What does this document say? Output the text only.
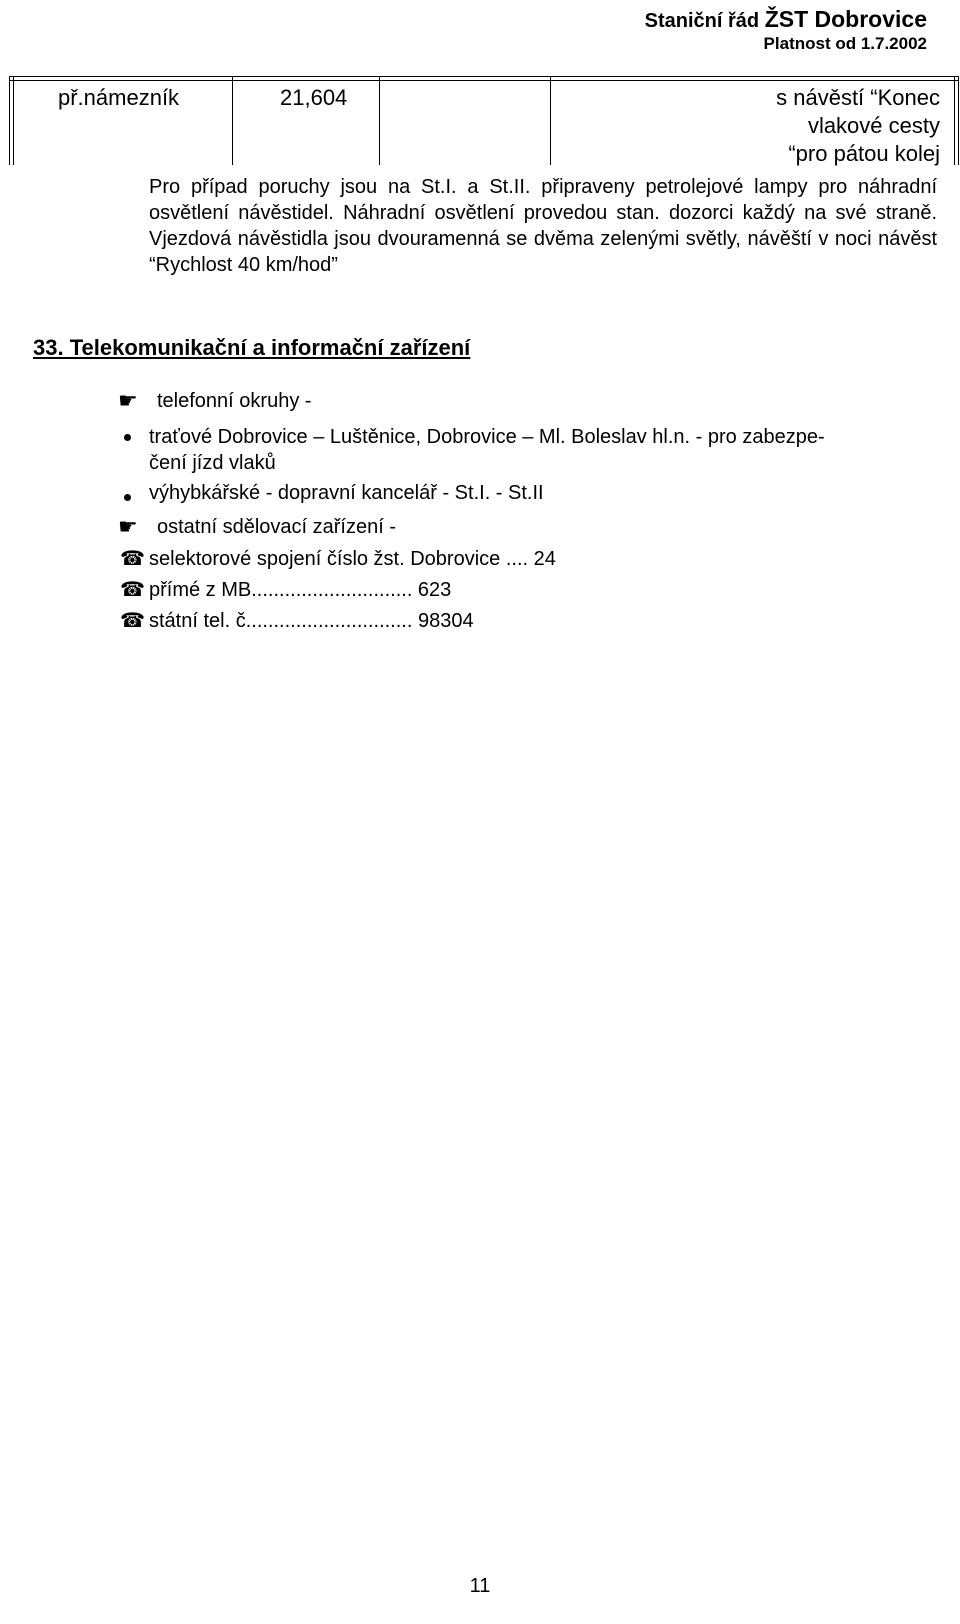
Staniční řád ŽST Dobrovice
Platnost od 1.7.2002
př.námezník	21,604	s návěstí “Konec
vlakové cesty
“pro pátou kolej
Pro případ poruchy jsou na St.I. a St.II. připraveny petrolejové lampy pro náhradní osvětlení návěstidel. Náhradní osvětlení provedou stan. dozorci každý na své straně. Vjezdová návěstidla jsou dvouramenná se dvěma zelenými světly, návěští v noci návěst “Rychlost 40 km/hod”
33. Telekomunikační a informační zařízení
☛ telefonní okruhy -
traťové Dobrovice – Luštěnice, Dobrovice – Ml. Boleslav hl.n. - pro zabezpe-
čení jízd vlaků
výhybkářské - dopravní kancelář - St.I. - St.II
☛ ostatní sdělovací zařízení -
☎ selektorové spojení číslo žst. Dobrovice .... 24
☎ přímé z MB............................. 623
☎ státní tel. č.............................. 98304
11
